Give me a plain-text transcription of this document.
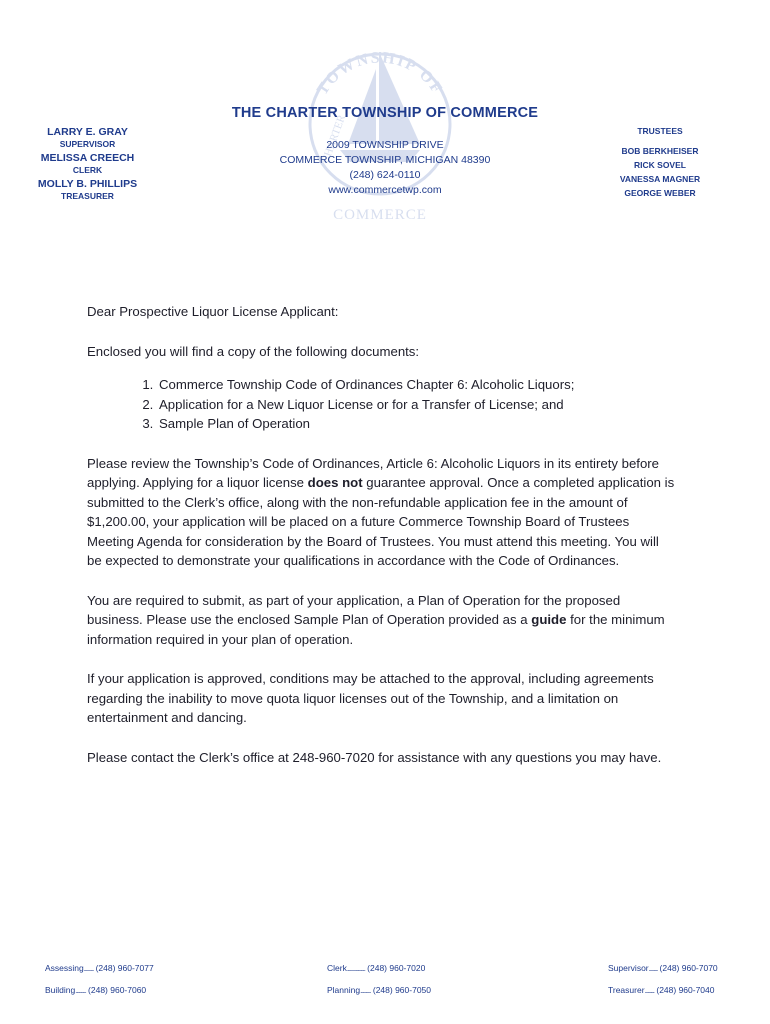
TOWNSHIP OF
CHARTER
COMMERCE
THE CHARTER TOWNSHIP OF COMMERCE
LARRY E. GRAY
SUPERVISOR
MELISSA CREECH
CLERK
MOLLY B. PHILLIPS
TREASURER
2009 TOWNSHIP DRIVE
COMMERCE TOWNSHIP, MICHIGAN 48390
(248) 624-0110
www.commercetwp.com
TRUSTEES
BOB BERKHEISER
RICK SOVEL
VANESSA MAGNER
GEORGE WEBER

Dear Prospective Liquor License Applicant:

Enclosed you will find a copy of the following documents:

1. Commerce Township Code of Ordinances Chapter 6: Alcoholic Liquors;
2. Application for a New Liquor License or for a Transfer of License; and
3. Sample Plan of Operation

Please review the Township’s Code of Ordinances, Article 6: Alcoholic Liquors in its entirety before applying. Applying for a liquor license does not guarantee approval. Once a completed application is submitted to the Clerk’s office, along with the non-refundable application fee in the amount of $1,200.00, your application will be placed on a future Commerce Township Board of Trustees Meeting Agenda for consideration by the Board of Trustees. You must attend this meeting. You will be expected to demonstrate your qualifications in accordance with the Code of Ordinances.

You are required to submit, as part of your application, a Plan of Operation for the proposed business. Please use the enclosed Sample Plan of Operation provided as a guide for the minimum information required in your plan of operation.

If your application is approved, conditions may be attached to the approval, including agreements regarding the inability to move quota liquor licenses out of the Township, and a limitation on entertainment and dancing.

Please contact the Clerk’s office at 248-960-7020 for assistance with any questions you may have.

Assessing.......... (248) 960-7077
Building........... (248) 960-7060
Clerk................... (248) 960-7020
Planning........... (248) 960-7050
Supervisor......... (248) 960-7070
Treasurer.......... (248) 960-7040
